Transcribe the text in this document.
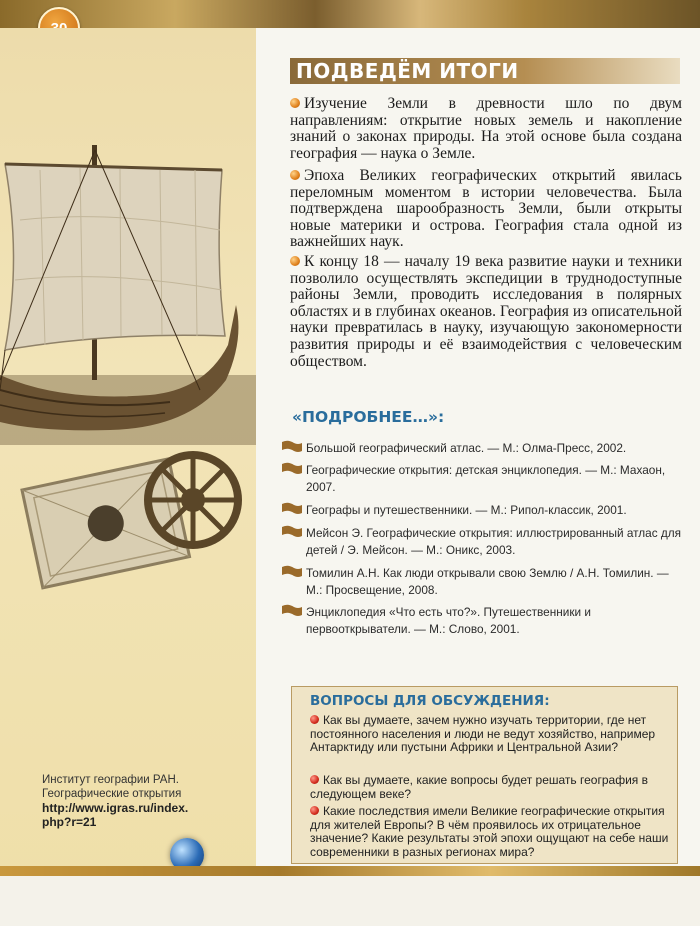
Институт географии РАН.
Географические открытия
http://www.igras.ru/index.
php?r=21
ПОДВЕДЁМ ИТОГИ
Изучение Земли в древности шло по двум направлениям: открытие новых земель и накопление знаний о законах природы. На этой основе была создана география — наука о Земле.
Эпоха Великих географических открытий явилась переломным моментом в истории человечества. Была подтверждена шарообразность Земли, были открыты новые материки и острова. География стала одной из важнейших наук.
К концу 18 — началу 19 века развитие науки и техники позволило осуществлять экспедиции в труднодоступные районы Земли, проводить исследования в полярных областях и в глубинах океанов. География из описательной науки превратилась в науку, изучающую закономерности развития природы и её взаимодействия с человеческим обществом.
«ПОДРОБНЕЕ…»:
Большой географический атлас. — М.: Олма-Пресс, 2002.
Географические открытия: детская энциклопедия. — М.: Махаон, 2007.
Географы и путешественники. — М.: Рипол-классик, 2001.
Мейсон Э. Географические открытия: иллюстрированный атлас для детей / Э. Мейсон. — М.: Оникс, 2003.
Томилин А.Н. Как люди открывали свою Землю / А.Н. Томилин. — М.: Просвещение, 2008.
Энциклопедия «Что есть что?». Путешественники и первооткрыватели. — М.: Слово, 2001.
ВОПРОСЫ ДЛЯ ОБСУЖДЕНИЯ:
Как вы думаете, зачем нужно изучать территории, где нет постоянного населения и люди не ведут хозяйство, например Антарктиду или пустыни Африки и Центральной Азии?
Как вы думаете, какие вопросы будет решать география в следующем веке?
Какие последствия имели Великие географические открытия для жителей Европы? В чём проявилось их отрицательное значение? Какие результаты этой эпохи ощущают на себе наши современники в разных регионах мира?
